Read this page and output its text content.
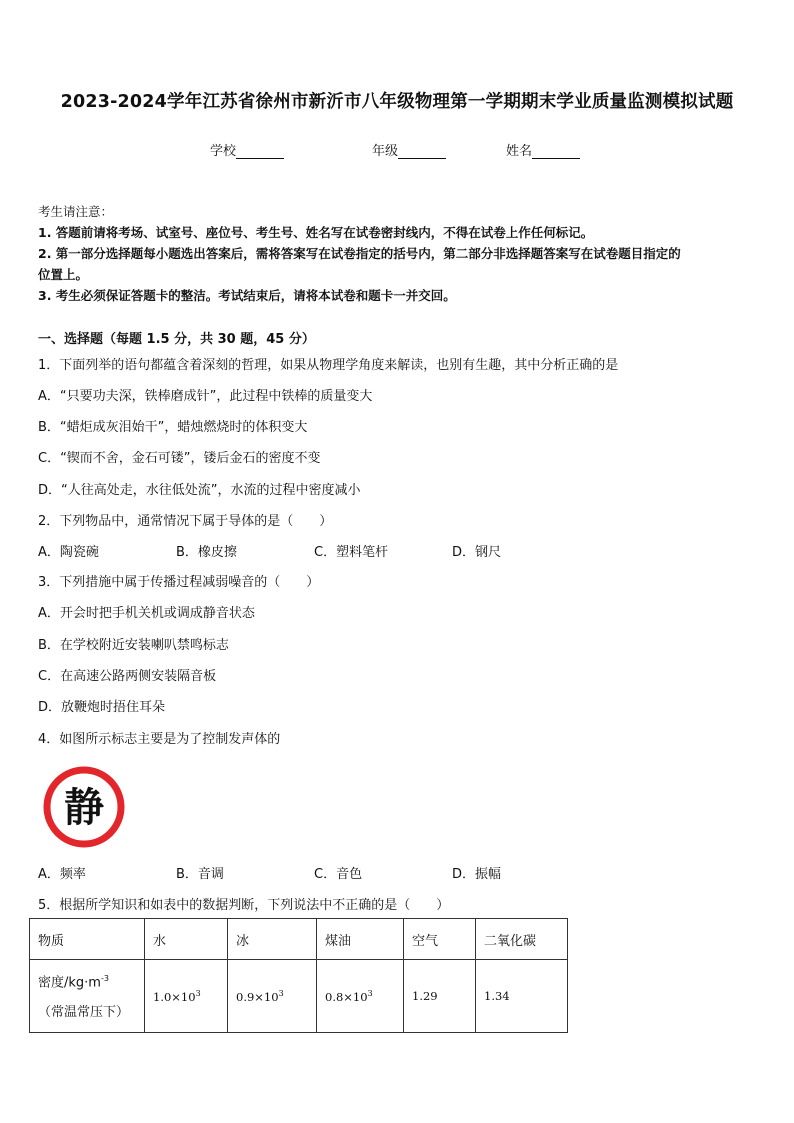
2023-2024学年江苏省徐州市新沂市八年级物理第一学期期末学业质量监测模拟试题
学校	年级	姓名
考生请注意：
1. 答题前请将考场、试室号、座位号、考生号、姓名写在试卷密封线内，不得在试卷上作任何标记。
2. 第一部分选择题每小题选出答案后，需将答案写在试卷指定的括号内，第二部分非选择题答案写在试卷题目指定的
位置上。
3. 考生必须保证答题卡的整洁。考试结束后，请将本试卷和题卡一并交回。
一、选择题（每题 1.5 分，共 30 题，45 分）
1．下面列举的语句都蕴含着深刻的哲理，如果从物理学角度来解读，也别有生趣，其中分析正确的是
A．“只要功夫深，铁棒磨成针”，此过程中铁棒的质量变大
B．“蜡炬成灰泪始干”，蜡烛燃烧时的体积变大
C．“锲而不舍，金石可镂”，镂后金石的密度不变
D．“人往高处走，水往低处流”，水流的过程中密度减小
2．下列物品中，通常情况下属于导体的是（　　）
A．陶瓷碗	B．橡皮擦	C．塑料笔杆	D．钢尺
3．下列措施中属于传播过程减弱噪音的（　　）
A．开会时把手机关机或调成静音状态
B．在学校附近安装喇叭禁鸣标志
C．在高速公路两侧安装隔音板
D．放鞭炮时捂住耳朵
4．如图所示标志主要是为了控制发声体的
静
A．频率	B．音调	C．音色	D．振幅
5．根据所学知识和如表中的数据判断，下列说法中不正确的是（　　）
物质	水	冰	煤油	空气	二氧化碳

密度$/kg\cdot m^{-3}$
（常温常压下）	$1.0\times 10^3$	$0.9\times 10^3$	$0.8\times 10^3$	1.29	1.34
